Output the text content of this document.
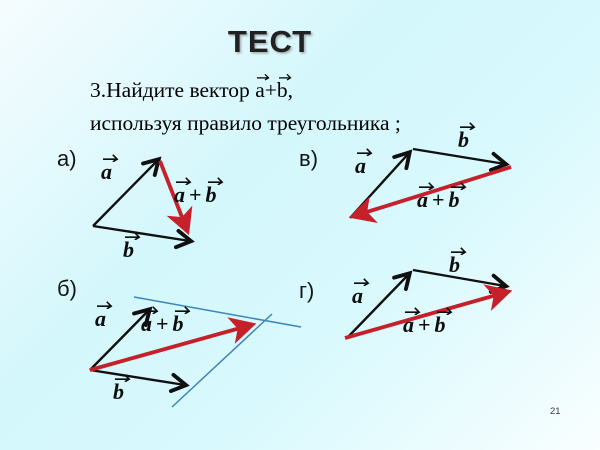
ТЕСТ
3.Найдите вектор
a+
b,
используя правило треугольника ;
а)
б)
в)
г)
a
a + b
b
a a + b
b
a
b
a + b
a
b
a + b
21
